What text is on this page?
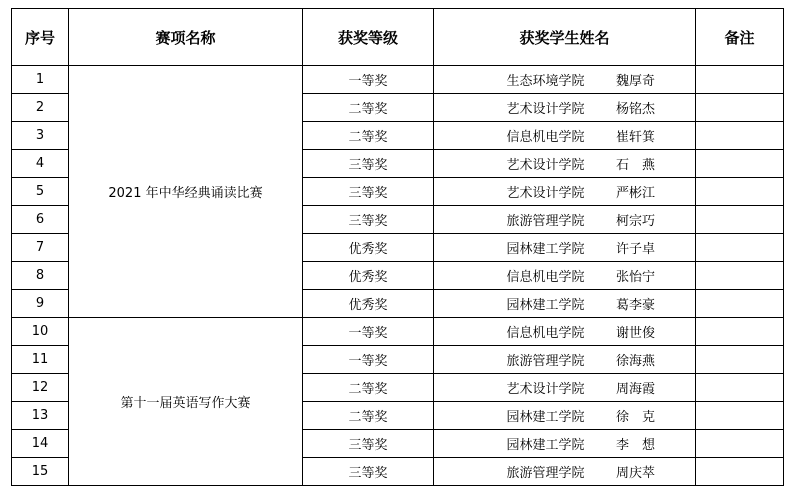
序号	赛项名称	获奖等级	获奖学生姓名	备注
1	2021 年中华经典诵读比赛	一等奖	生态环境学院 魏厚奇	
2		二等奖	艺术设计学院 杨铭杰	
3		二等奖	信息机电学院 崔轩箕	
4		三等奖	艺术设计学院 石　燕	
5		三等奖	艺术设计学院 严彬江	
6		三等奖	旅游管理学院 柯宗巧	
7		优秀奖	园林建工学院 许子卓	
8		优秀奖	信息机电学院 张怡宁	
9		优秀奖	园林建工学院 葛李豪	
10	第十一届英语写作大赛	一等奖	信息机电学院 谢世俊	
11		一等奖	旅游管理学院 徐海燕	
12		二等奖	艺术设计学院 周海霞	
13		二等奖	园林建工学院 徐　克	
14		三等奖	园林建工学院 李　想	
15		三等奖	旅游管理学院 周庆萃	
